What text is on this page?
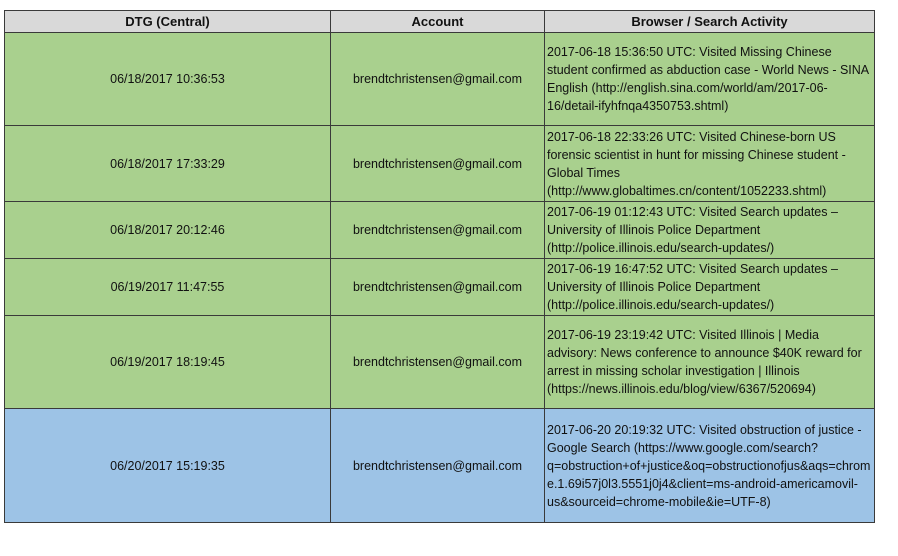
DTG (Central)	Account	Browser / Search Activity
06/18/2017 10:36:53	brendtchristensen@gmail.com	2017-06-18 15:36:50 UTC: Visited Missing Chinese student confirmed as abduction case - World News - SINA English (http://english.sina.com/world/am/2017-06-16/detail-ifyhfnqa4350753.shtml)

06/18/2017 17:33:29	brendtchristensen@gmail.com	2017-06-18 22:33:26 UTC: Visited Chinese-born US forensic scientist in hunt for missing Chinese student - Global Times (http://www.globaltimes.cn/content/1052233.shtml)

06/18/2017 20:12:46	brendtchristensen@gmail.com	2017-06-19 01:12:43 UTC: Visited Search updates – University of Illinois Police Department (http://police.illinois.edu/search-updates/)

06/19/2017 11:47:55	brendtchristensen@gmail.com	2017-06-19 16:47:52 UTC: Visited Search updates – University of Illinois Police Department (http://police.illinois.edu/search-updates/)

06/19/2017 18:19:45	brendtchristensen@gmail.com	2017-06-19 23:19:42 UTC: Visited Illinois | Media advisory: News conference to announce $40K reward for arrest in missing scholar investigation | Illinois (https://news.illinois.edu/blog/view/6367/520694)

06/20/2017 15:19:35	brendtchristensen@gmail.com	2017-06-20 20:19:32 UTC: Visited obstruction of justice - Google Search (https://www.google.com/search?q=obstruction+of+justice&oq=obstructionofjus&aqs=chrome.1.69i57j0l3.5551j0j4&client=ms-android-americamovil-us&sourceid=chrome-mobile&ie=UTF-8)
